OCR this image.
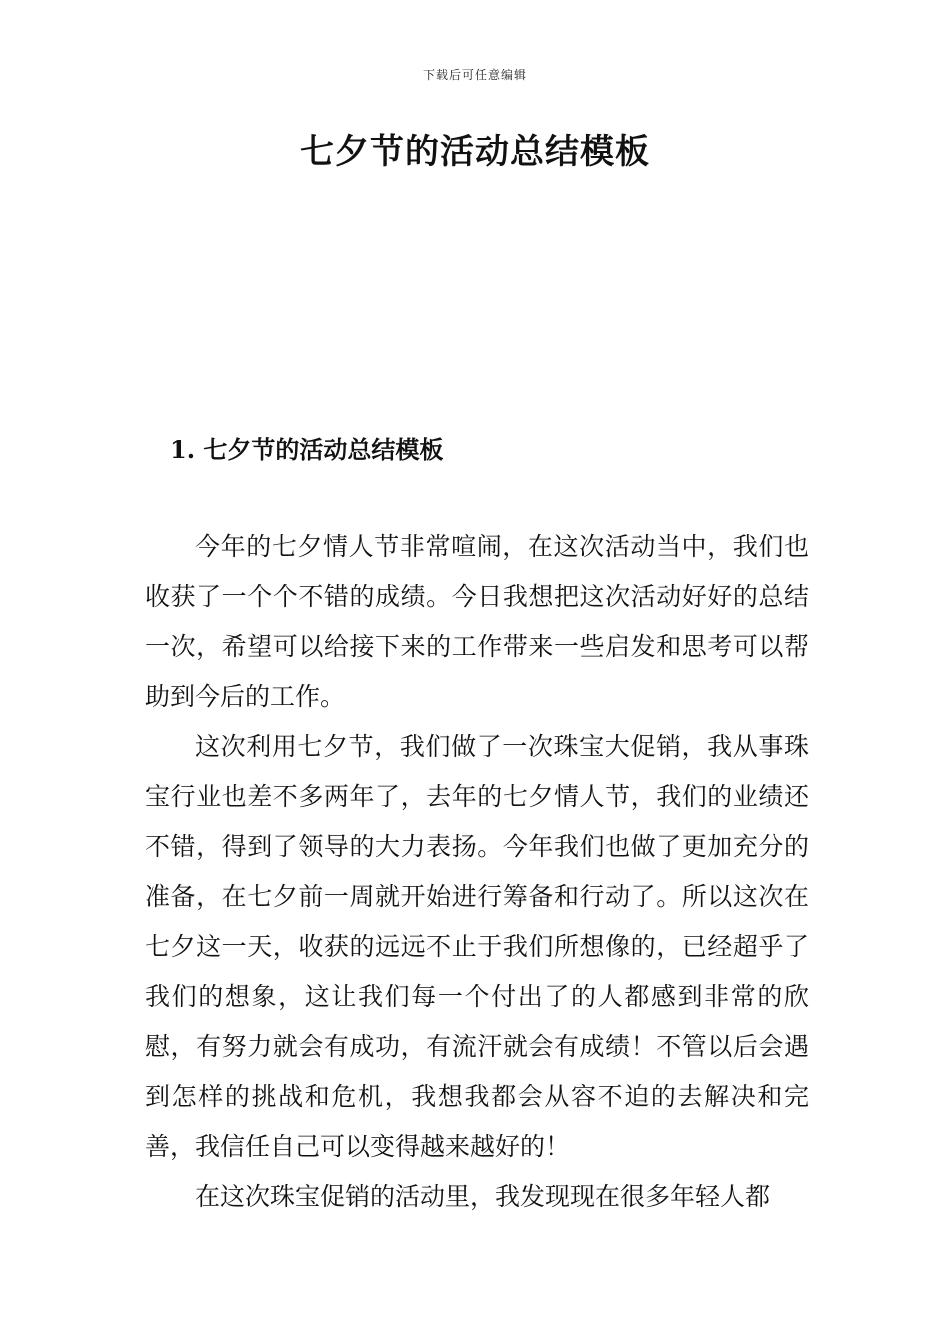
下载后可任意编辑
七夕节的活动总结模板
1. 七夕节的活动总结模板

今年的七夕情人节非常喧闹，在这次活动当中，我们也收获了一个个不错的成绩。今日我想把这次活动好好的总结一次，希望可以给接下来的工作带来一些启发和思考可以帮助到今后的工作。

这次利用七夕节，我们做了一次珠宝大促销，我从事珠宝行业也差不多两年了，去年的七夕情人节，我们的业绩还不错，得到了领导的大力表扬。今年我们也做了更加充分的准备，在七夕前一周就开始进行筹备和行动了。所以这次在七夕这一天，收获的远远不止于我们所想像的，已经超乎了我们的想象，这让我们每一个付出了的人都感到非常的欣慰，有努力就会有成功，有流汗就会有成绩！不管以后会遇到怎样的挑战和危机，我想我都会从容不迫的去解决和完善，我信任自己可以变得越来越好的！

在这次珠宝促销的活动里，我发现现在很多年轻人都
